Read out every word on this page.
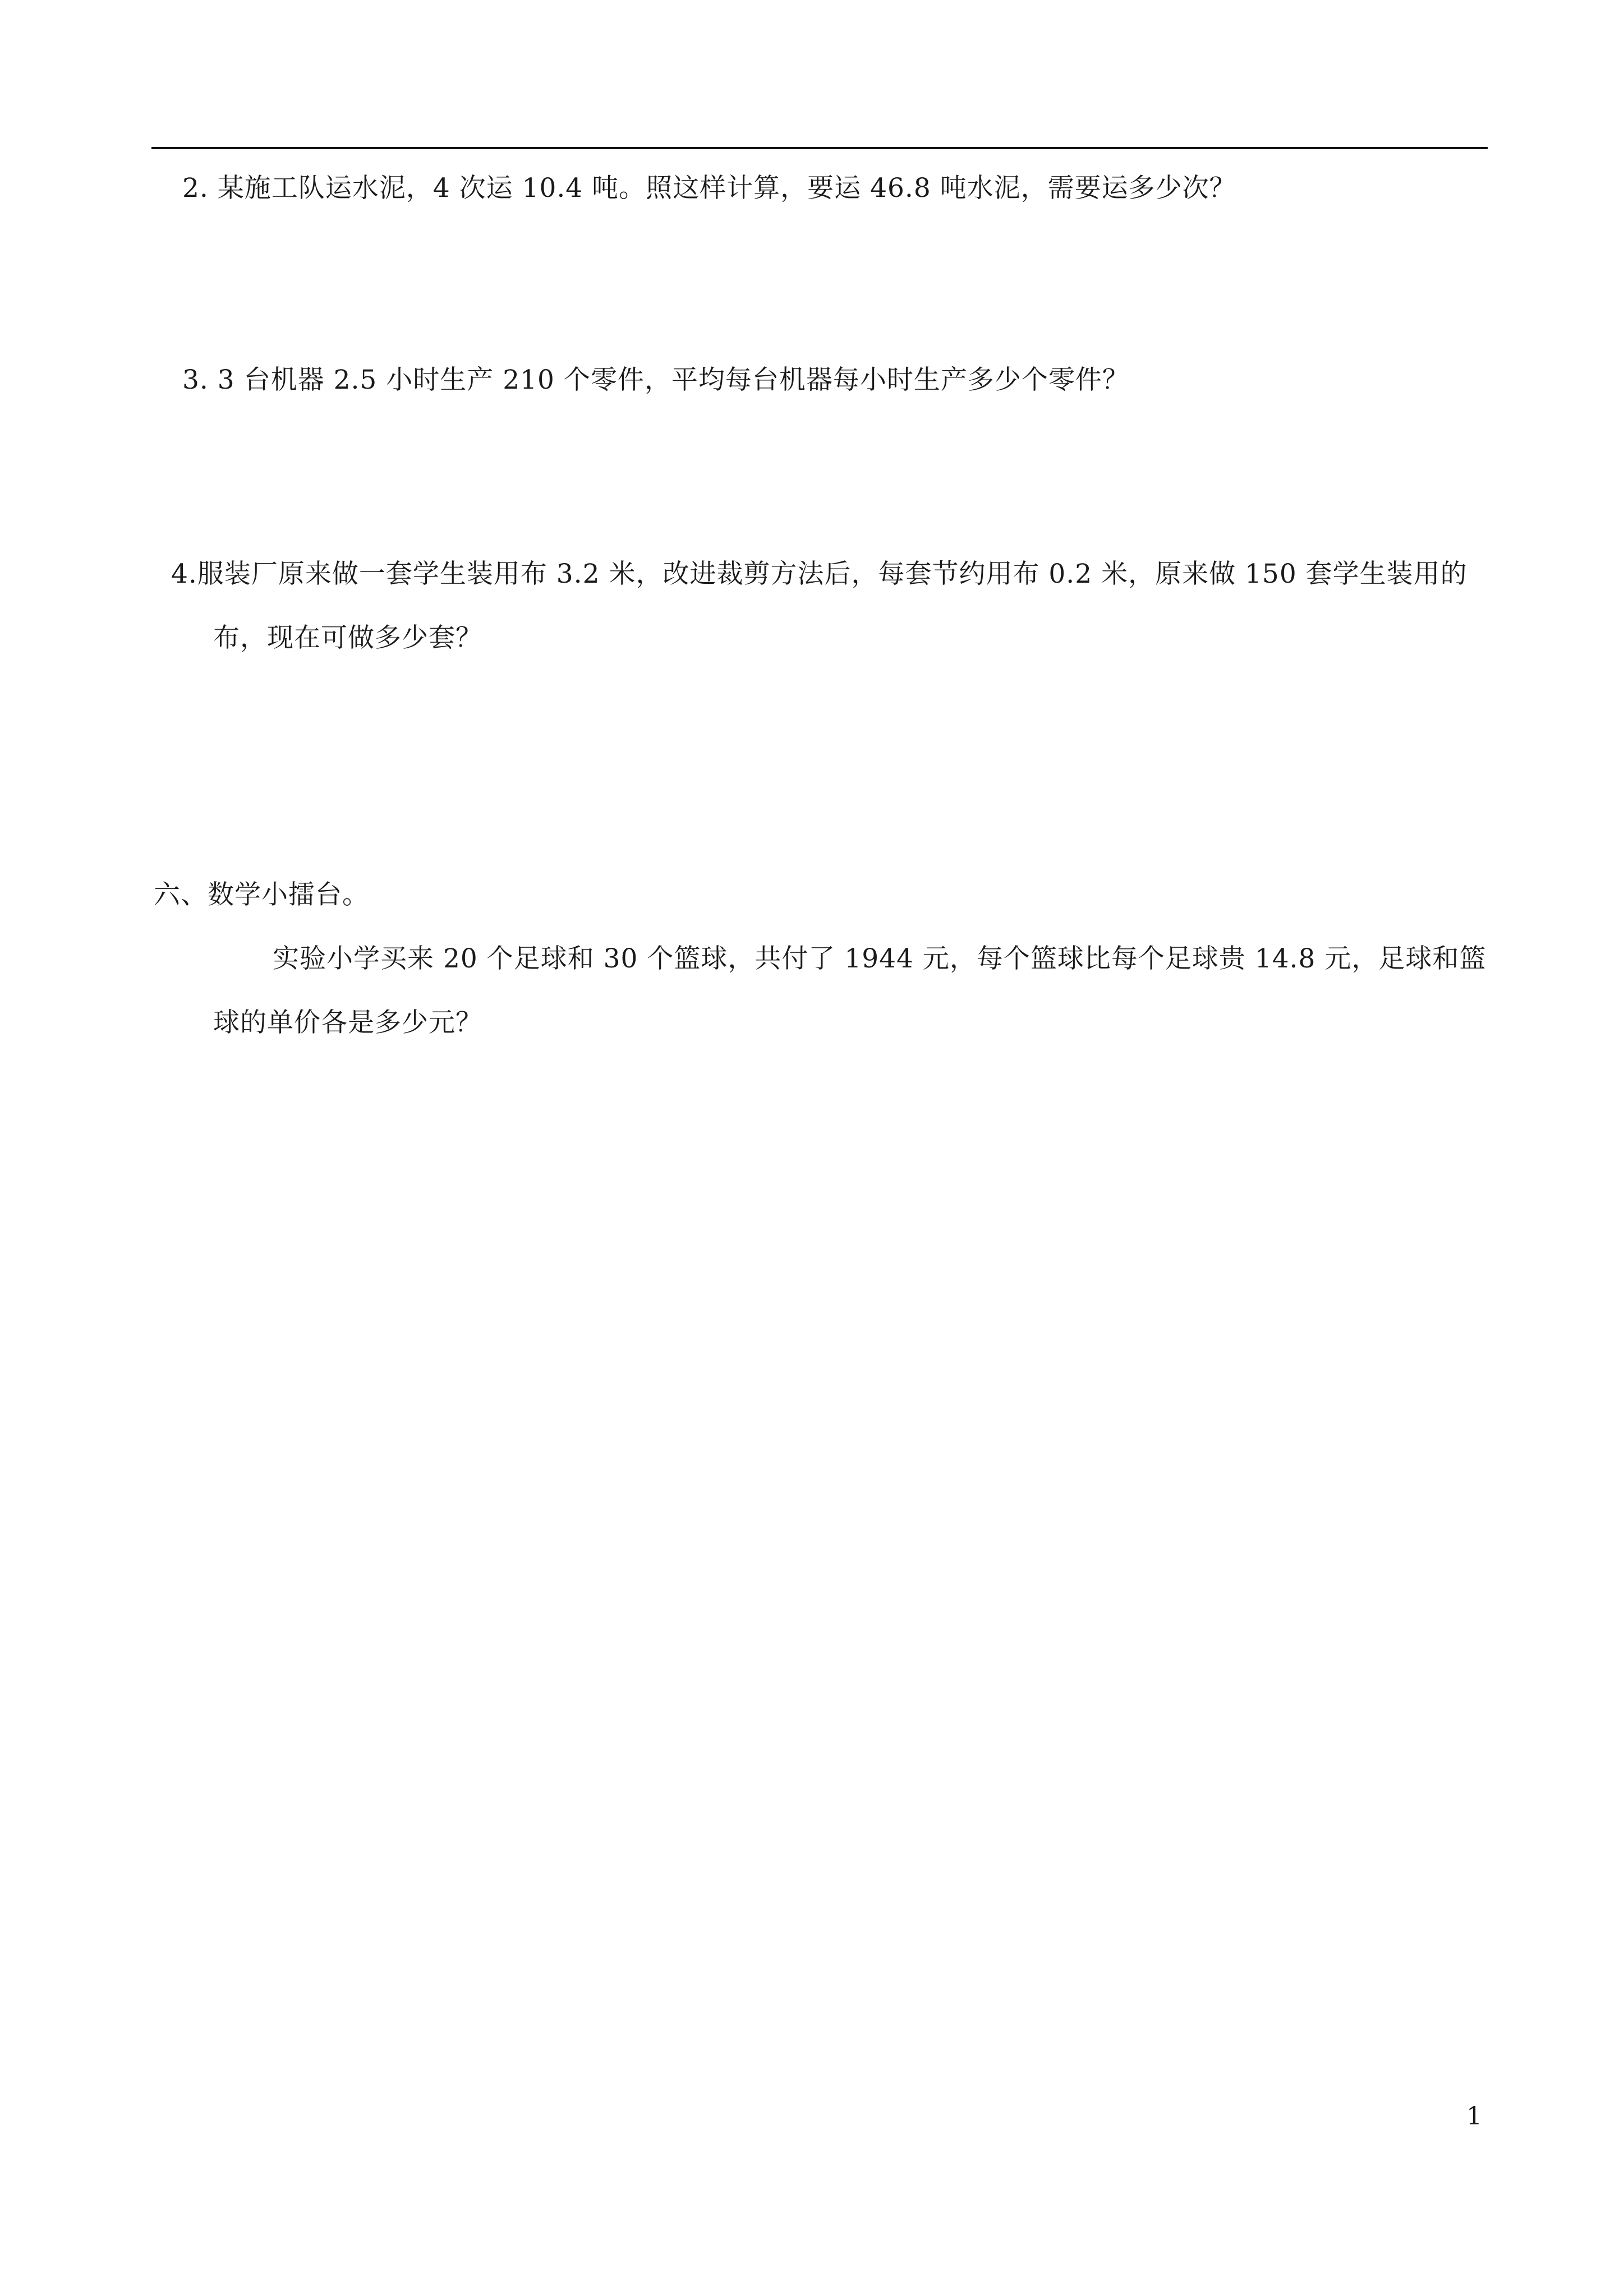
2. 某施工队运水泥，4 次运 10.4 吨。照这样计算，要运 46.8 吨水泥，需要运多少次？
3. 3 台机器 2.5 小时生产 210 个零件，平均每台机器每小时生产多少个零件？
4.服装厂原来做一套学生装用布 3.2 米，改进裁剪方法后，每套节约用布 0.2 米，原来做 150 套学生装用的
布，现在可做多少套？
六、数学小擂台。
实验小学买来 20 个足球和 30 个篮球，共付了 1944 元，每个篮球比每个足球贵 14.8 元，足球和篮
球的单价各是多少元？
1
